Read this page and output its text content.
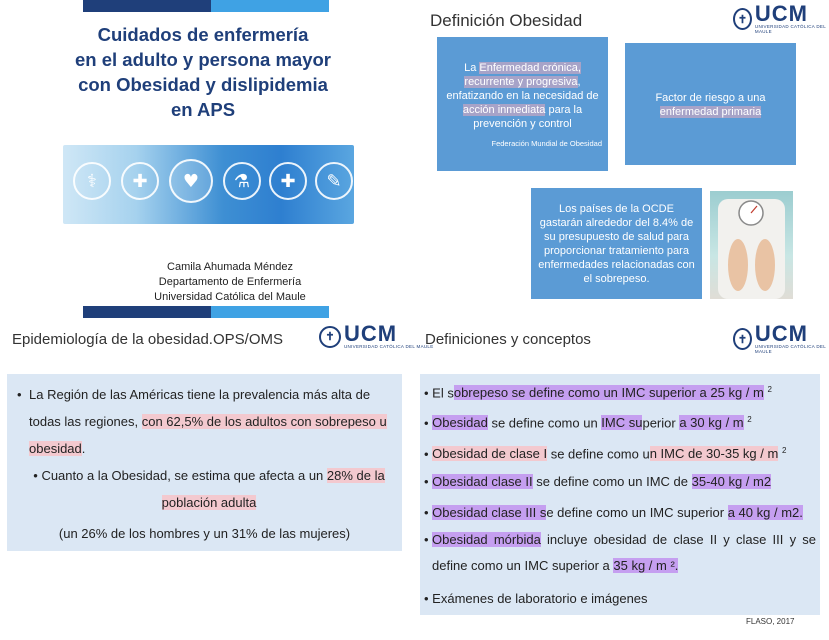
Cuidados de enfermería
en el adulto y persona mayor
con Obesidad y dislipidemia
en APS
⚕	✚	♥	⚗	✚	✎
Camila Ahumada Méndez
Departamento de Enfermería
Universidad Católica del Maule
Definición Obesidad	✝ UCM
UNIVERSIDAD CATÓLICA DEL MAULE
La Enfermedad crónica, recurrente y progresiva, enfatizando en la necesidad de acción inmediata para la prevención y control
Federación Mundial de Obesidad
Factor de riesgo a una enfermedad primaria
Los países de la OCDE gastarán alrededor del 8.4% de su presupuesto de salud para proporcionar tratamiento para enfermedades relacionadas con el sobrepeso.
Epidemiología de la obesidad.OPS/OMS	✝ UCM
UNIVERSIDAD CATÓLICA DEL MAULE
• La Región de las Américas tiene la prevalencia más alta de todas las regiones, con 62,5% de los adultos con sobrepeso u obesidad.
• Cuanto a la Obesidad, se estima que afecta a un 28% de la población adulta
(un 26% de los hombres y un 31% de las mujeres)
Definiciones y conceptos	✝ UCM
UNIVERSIDAD CATÓLICA DEL MAULE
• El sobrepeso se define como un IMC superior a 25 kg / m $^2$
• Obesidad se define como un IMC superior a 30 kg / m $^2$
• Obesidad de clase I se define como un IMC de 30-35 kg / m $^2$
• Obesidad clase II se define como un IMC de 35-40 kg / m2
• Obesidad clase III se define como un IMC superior a 40 kg / m2.
• Obesidad mórbida incluye obesidad de clase II y clase III y se define como un IMC superior a 35 kg / m ².
• Exámenes de laboratorio e imágenes
FLASO, 2017
